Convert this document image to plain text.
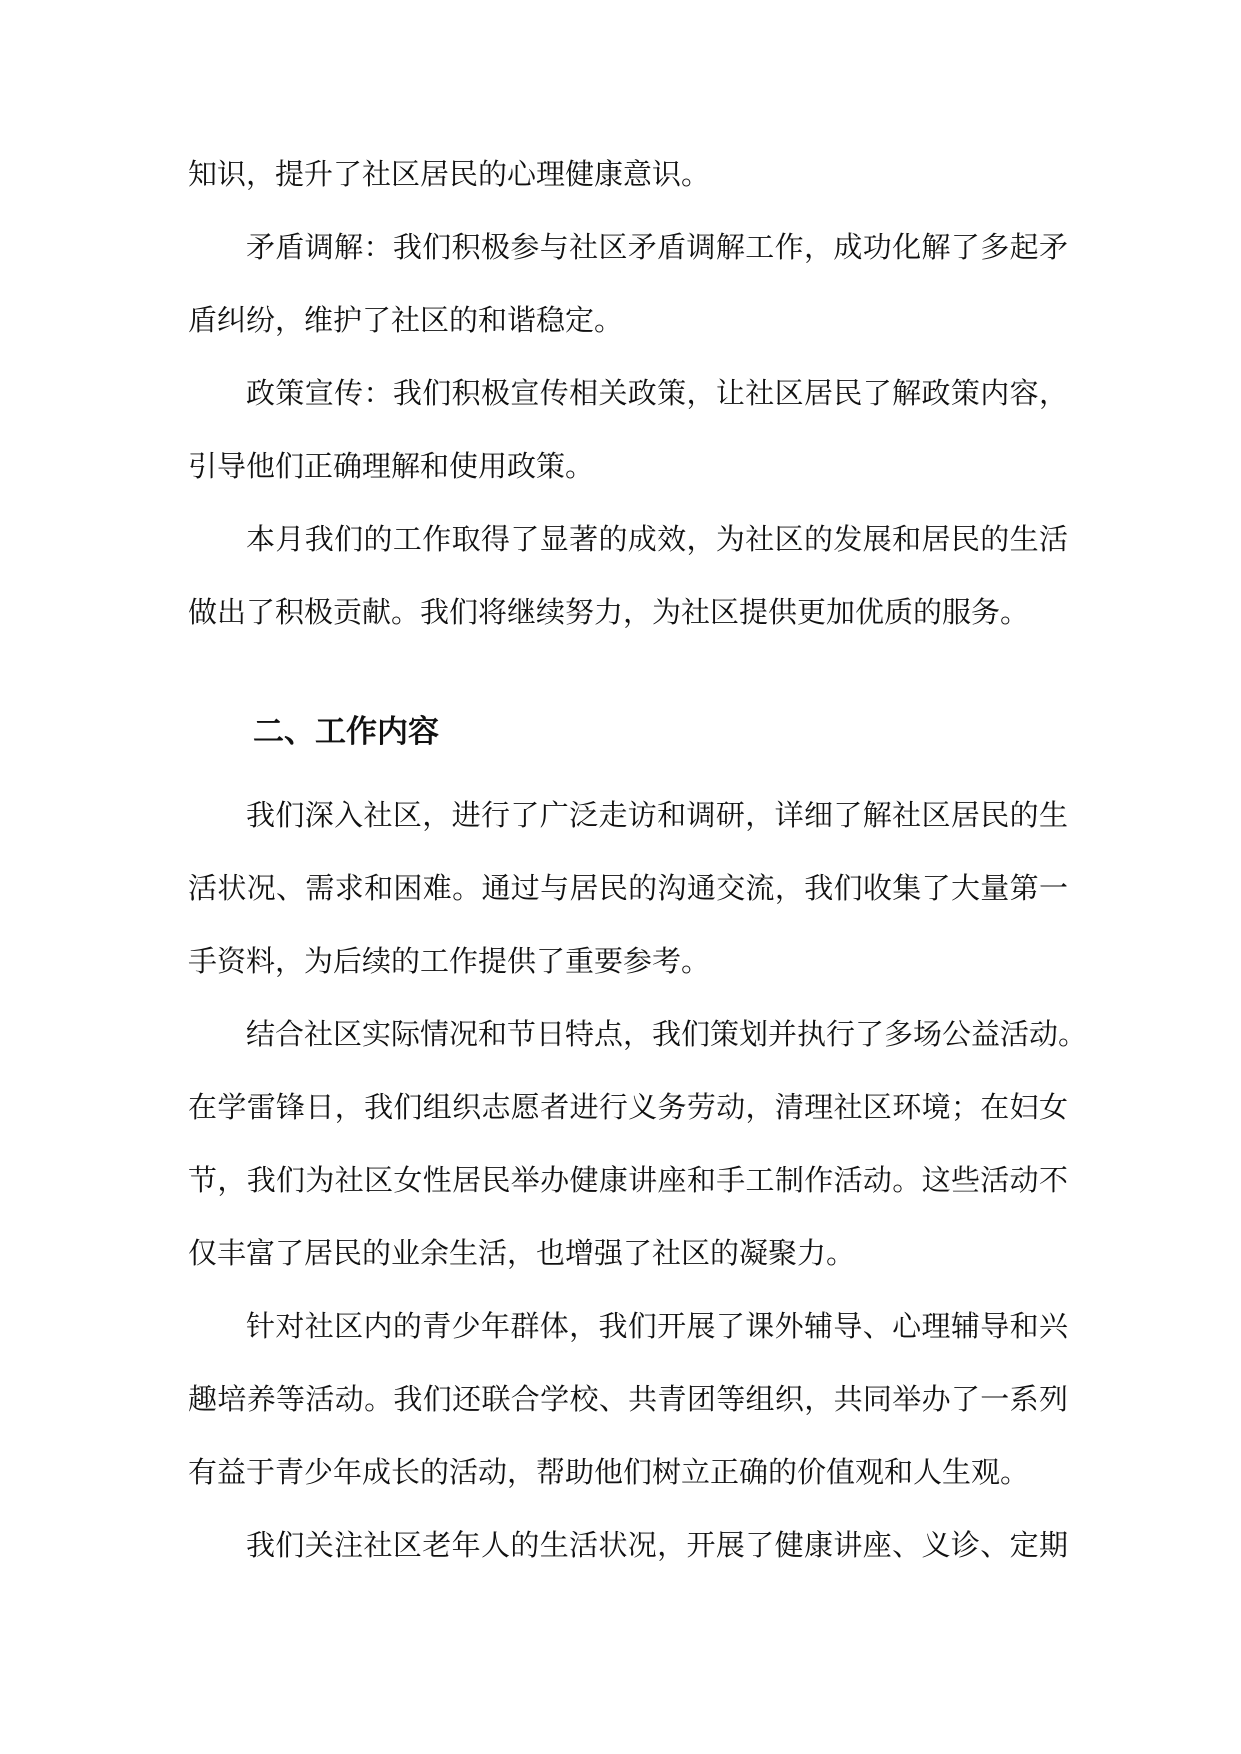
知识，提升了社区居民的心理健康意识。
矛盾调解：我们积极参与社区矛盾调解工作，成功化解了多起矛
盾纠纷，维护了社区的和谐稳定。
政策宣传：我们积极宣传相关政策，让社区居民了解政策内容，
引导他们正确理解和使用政策。
本月我们的工作取得了显著的成效，为社区的发展和居民的生活
做出了积极贡献。我们将继续努力，为社区提供更加优质的服务。
二、工作内容
我们深入社区，进行了广泛走访和调研，详细了解社区居民的生
活状况、需求和困难。通过与居民的沟通交流，我们收集了大量第一
手资料，为后续的工作提供了重要参考。
结合社区实际情况和节日特点，我们策划并执行了多场公益活动。
在学雷锋日，我们组织志愿者进行义务劳动，清理社区环境；在妇女
节，我们为社区女性居民举办健康讲座和手工制作活动。这些活动不
仅丰富了居民的业余生活，也增强了社区的凝聚力。
针对社区内的青少年群体，我们开展了课外辅导、心理辅导和兴
趣培养等活动。我们还联合学校、共青团等组织，共同举办了一系列
有益于青少年成长的活动，帮助他们树立正确的价值观和人生观。
我们关注社区老年人的生活状况，开展了健康讲座、义诊、定期
